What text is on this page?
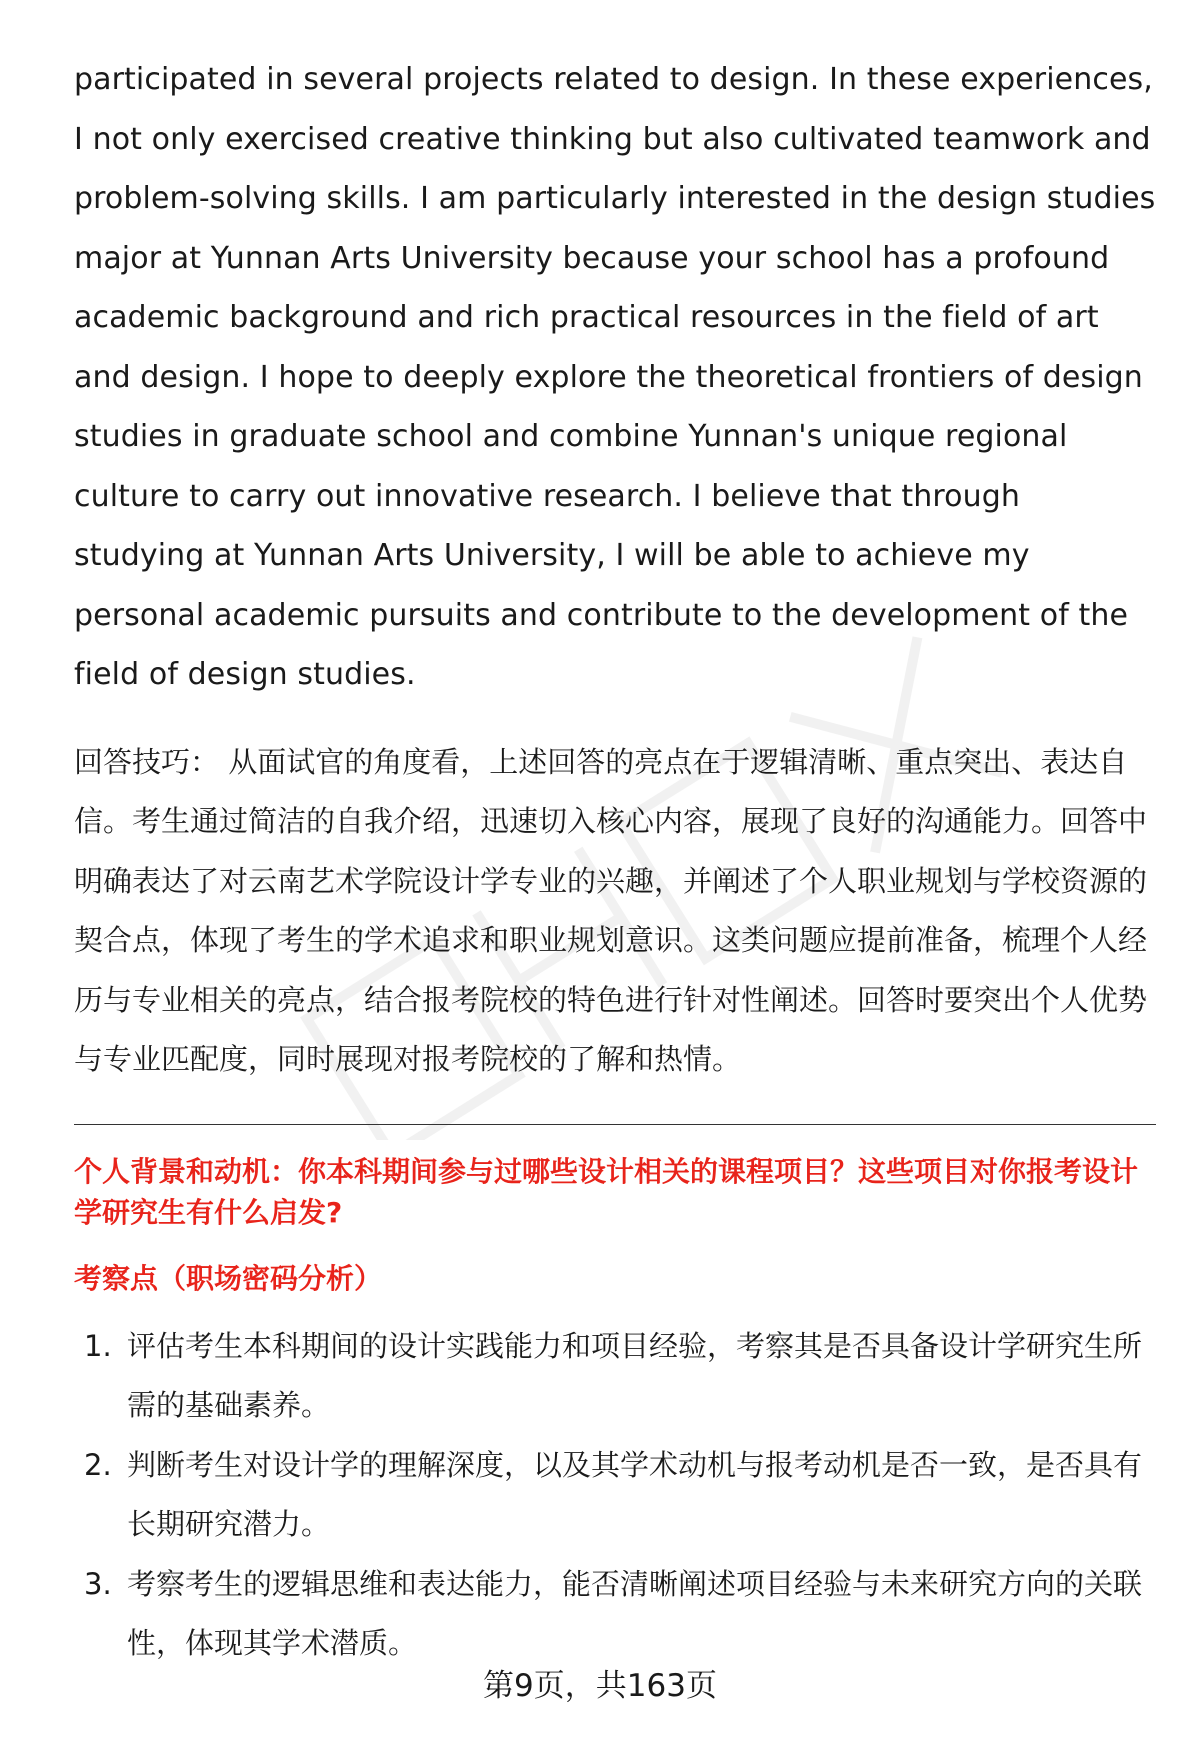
participated in several projects related to design. In these experiences, I not only exercised creative thinking but also cultivated teamwork and problem-solving skills. I am particularly interested in the design studies major at Yunnan Arts University because your school has a profound academic background and rich practical resources in the field of art and design. I hope to deeply explore the theoretical frontiers of design studies in graduate school and combine Yunnan's unique regional culture to carry out innovative research. I believe that through studying at Yunnan Arts University, I will be able to achieve my personal academic pursuits and contribute to the development of the field of design studies.

回答技巧： 从面试官的角度看，上述回答的亮点在于逻辑清晰、重点突出、表达自信。考生通过简洁的自我介绍，迅速切入核心内容，展现了良好的沟通能力。回答中明确表达了对云南艺术学院设计学专业的兴趣，并阐述了个人职业规划与学校资源的契合点，体现了考生的学术追求和职业规划意识。这类问题应提前准备，梳理个人经历与专业相关的亮点，结合报考院校的特色进行针对性阐述。回答时要突出个人优势与专业匹配度，同时展现对报考院校的了解和热情。

个人背景和动机：你本科期间参与过哪些设计相关的课程项目？这些项目对你报考设计学研究生有什么启发?

考察点（职场密码分析）

1. 评估考生本科期间的设计实践能力和项目经验，考察其是否具备设计学研究生所需的基础素养。
2. 判断考生对设计学的理解深度，以及其学术动机与报考动机是否一致，是否具有长期研究潜力。
3. 考察考生的逻辑思维和表达能力，能否清晰阐述项目经验与未来研究方向的关联性，体现其学术潜质。
第9页，共163页
